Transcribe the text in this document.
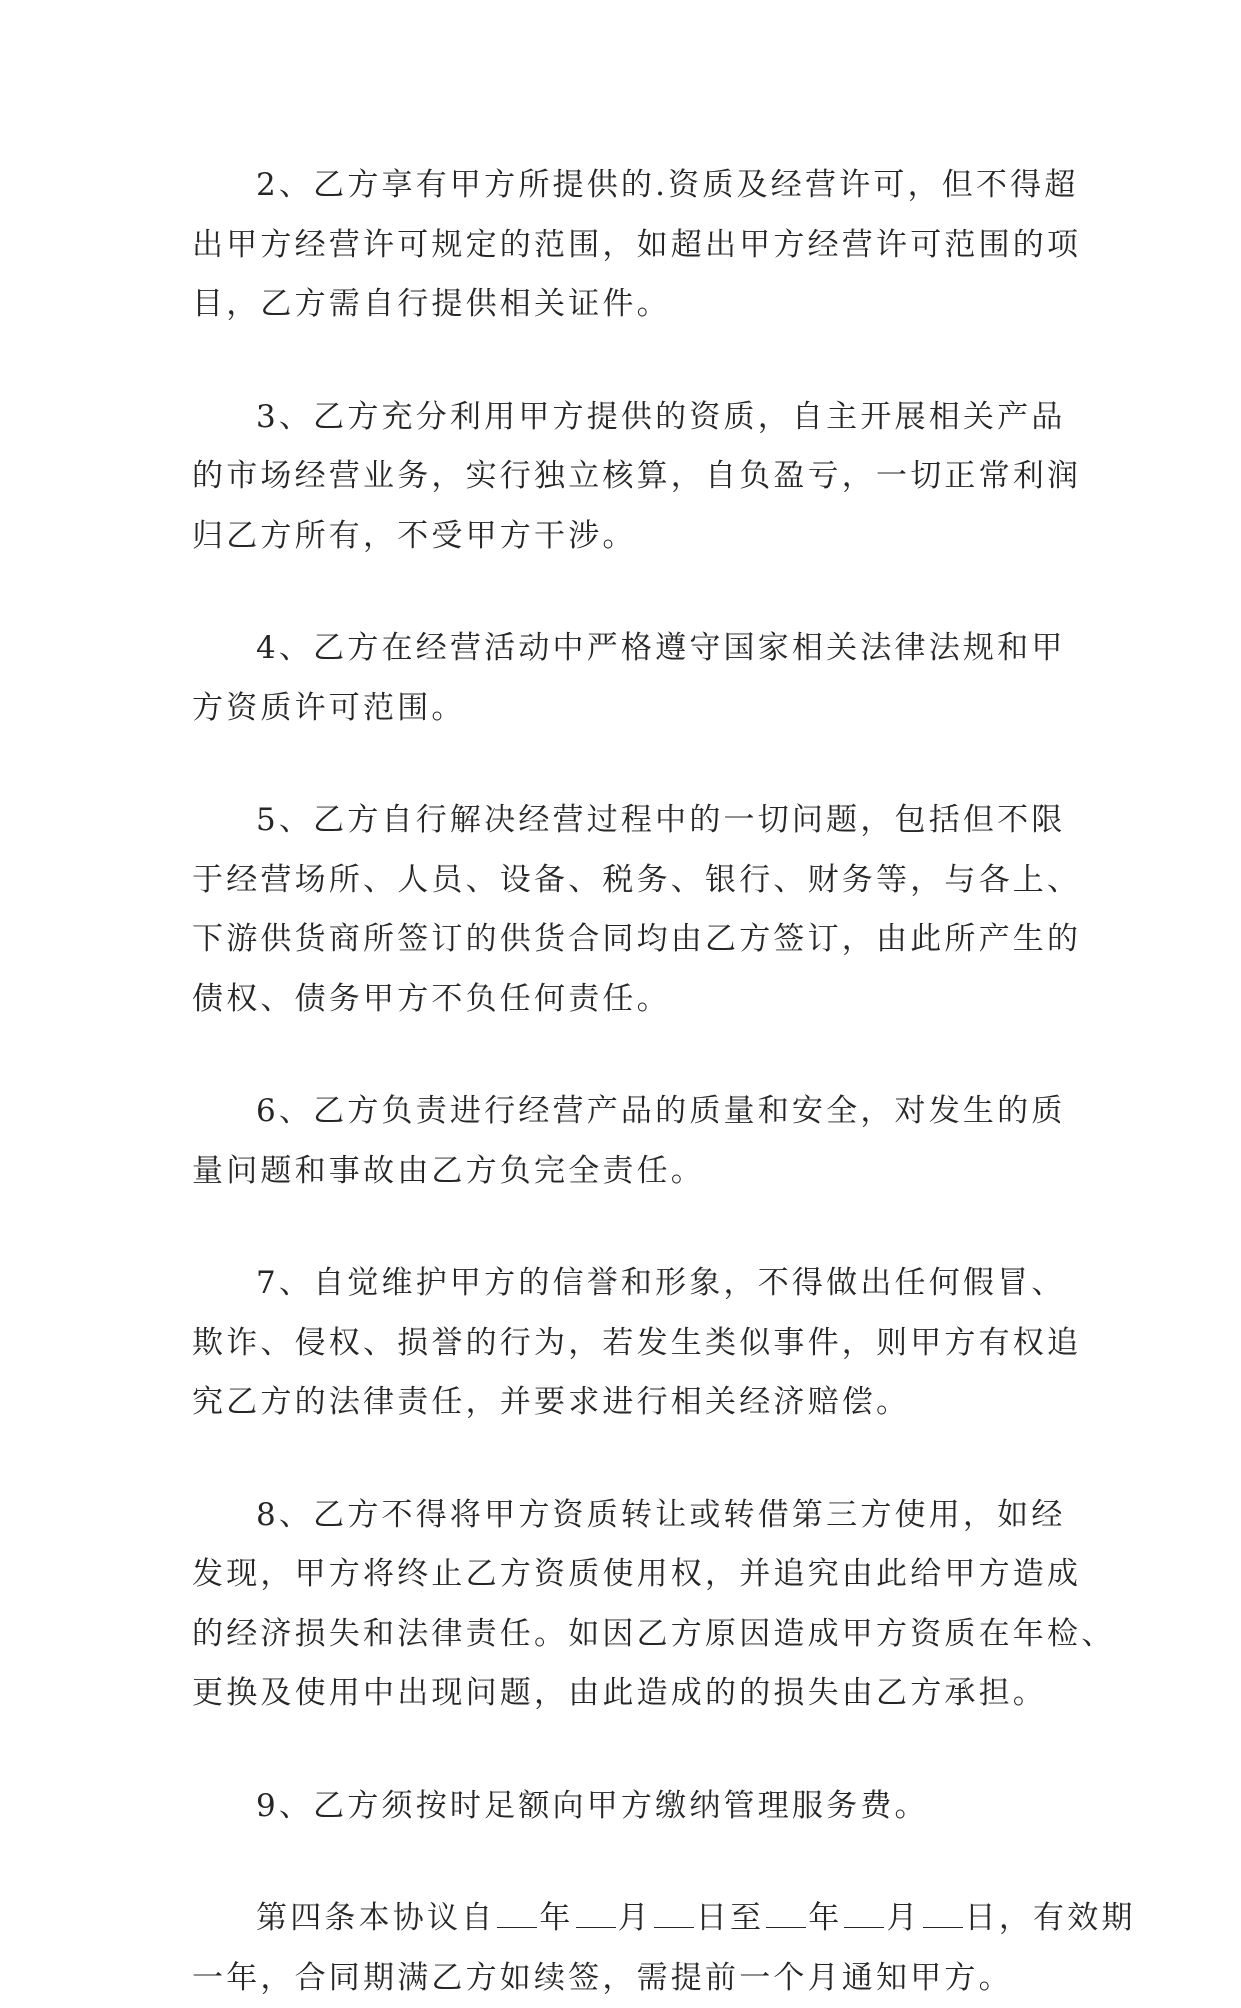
2、乙方享有甲方所提供的.资质及经营许可，但不得超
出甲方经营许可规定的范围，如超出甲方经营许可范围的项
目，乙方需自行提供相关证件。
3、乙方充分利用甲方提供的资质，自主开展相关产品
的市场经营业务，实行独立核算，自负盈亏，一切正常利润
归乙方所有，不受甲方干涉。
4、乙方在经营活动中严格遵守国家相关法律法规和甲
方资质许可范围。
5、乙方自行解决经营过程中的一切问题，包括但不限
于经营场所、人员、设备、税务、银行、财务等，与各上、
下游供货商所签订的供货合同均由乙方签订，由此所产生的
债权、债务甲方不负任何责任。
6、乙方负责进行经营产品的质量和安全，对发生的质
量问题和事故由乙方负完全责任。
7、自觉维护甲方的信誉和形象，不得做出任何假冒、
欺诈、侵权、损誉的行为，若发生类似事件，则甲方有权追
究乙方的法律责任，并要求进行相关经济赔偿。
8、乙方不得将甲方资质转让或转借第三方使用，如经
发现，甲方将终止乙方资质使用权，并追究由此给甲方造成
的经济损失和法律责任。如因乙方原因造成甲方资质在年检、
更换及使用中出现问题，由此造成的的损失由乙方承担。
9、乙方须按时足额向甲方缴纳管理服务费。
第四条本协议自 年 月 日至 年 月 日，有效期
一年，合同期满乙方如续签，需提前一个月通知甲方。
